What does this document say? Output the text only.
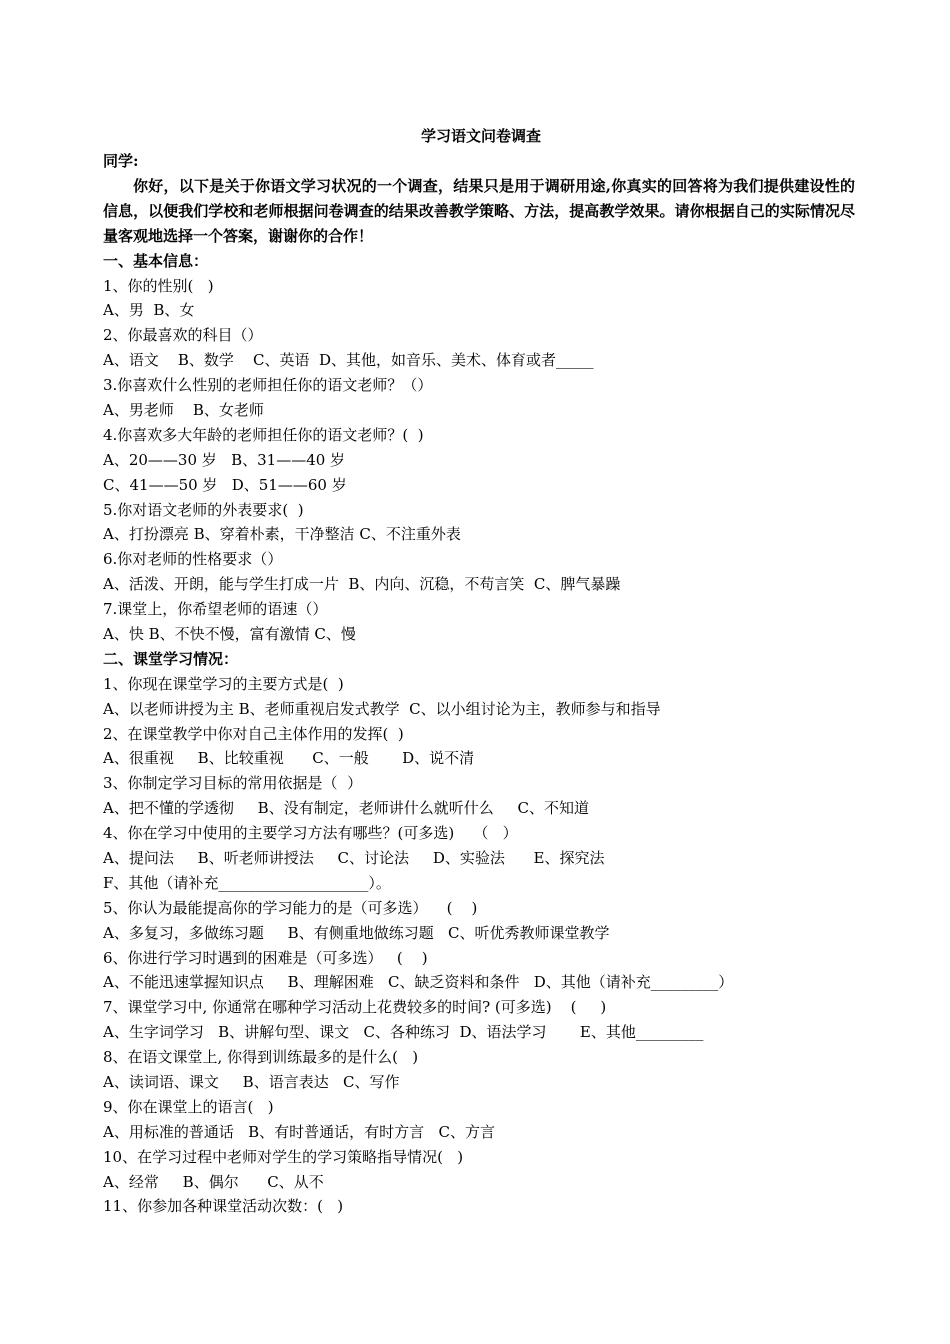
学习语文问卷调查
同学:
你好，以下是关于你语文学习状况的一个调查，结果只是用于调研用途,你真实的回答将为我们提供建设性的信息，以便我们学校和老师根据问卷调查的结果改善教学策略、方法，提高教学效果。请你根据自己的实际情况尽量客观地选择一个答案，谢谢你的合作！
一、基本信息：
1、你的性别(   )
A、男  B、女
2、你最喜欢的科目（）
A、语文    B、数学    C、英语  D、其他，如音乐、美术、体育或者_____
3.你喜欢什么性别的老师担任你的语文老师？（）
A、男老师    B、女老师
4.你喜欢多大年龄的老师担任你的语文老师？(  )
A、20——30 岁   B、31——40 岁
C、41——50 岁   D、51——60 岁
5.你对语文老师的外表要求(  )
A、打扮漂亮 B、穿着朴素，干净整洁 C、不注重外表
6.你对老师的性格要求（）
A、活泼、开朗，能与学生打成一片  B、内向、沉稳，不苟言笑  C、脾气暴躁
7.课堂上，你希望老师的语速（）
A、快 B、不快不慢，富有激情 C、慢
二、课堂学习情况：
1、你现在课堂学习的主要方式是(  )
A、以老师讲授为主 B、老师重视启发式教学  C、以小组讨论为主，教师参与和指导
2、在课堂教学中你对自己主体作用的发挥(  )
A、很重视     B、比较重视      C、一般       D、说不清
3、你制定学习目标的常用依据是（  ）
A、把不懂的学透彻     B、没有制定，老师讲什么就听什么     C、不知道
4、你在学习中使用的主要学习方法有哪些？(可多选)    （   ）
A、提问法     B、听老师讲授法     C、讨论法     D、实验法      E、探究法
F、其他（请补充____________________）。
5、你认为最能提高你的学习能力的是（可多选）    (    )
A、多复习，多做练习题     B、有侧重地做练习题   C、听优秀教师课堂教学
6、你进行学习时遇到的困难是（可多选）   (    )
A、不能迅速掌握知识点     B、理解困难   C、缺乏资料和条件   D、其他（请补充_________）
7、课堂学习中, 你通常在哪种学习活动上花费较多的时间? (可多选)    (     )
A、生字词学习   B、讲解句型、课文   C、各种练习  D、语法学习       E、其他_________
8、在语文课堂上, 你得到训练最多的是什么(   )
A、读词语、课文     B、语言表达   C、写作
9、你在课堂上的语言(   )
A、用标准的普通话   B、有时普通话，有时方言   C、方言
10、在学习过程中老师对学生的学习策略指导情况(   )
A、经常     B、偶尔      C、从不
11、你参加各种课堂活动次数：(   )
